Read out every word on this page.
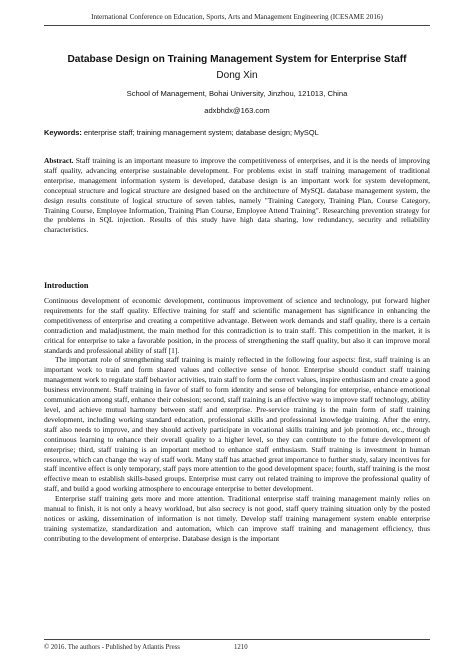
International Conference on Education, Sports, Arts and Management Engineering (ICESAME 2016)
Database Design on Training Management System for Enterprise Staff
Dong Xin
School of Management, Bohai University, Jinzhou, 121013, China
adxbhdx@163.com
Keywords: enterprise staff; training management system; database design; MySQL
Abstract. Staff training is an important measure to improve the competitiveness of enterprises, and it is the needs of improving staff quality, advancing enterprise sustainable development. For problems exist in staff training management of traditional enterprise, management information system is developed, database design is an important work for system development, conceptual structure and logical structure are designed based on the architecture of MySQL database management system, the design results constitute of logical structure of seven tables, namely "Training Category, Training Plan, Course Category, Training Course, Employee Information, Training Plan Course, Employee Attend Training". Researching prevention strategy for the problems in SQL injection. Results of this study have high data sharing, low redundancy, security and reliability characteristics.
Introduction

Continuous development of economic development, continuous improvement of science and technology, put forward higher requirements for the staff quality. Effective training for staff and scientific management has significance in enhancing the competitiveness of enterprise and creating a competitive advantage. Between work demands and staff quality, there is a certain contradiction and maladjustment, the main method for this contradiction is to train staff. This competition in the market, it is critical for enterprise to take a favorable position, in the process of strengthening the staff quality, but also it can improve moral standards and professional ability of staff [1].

The important role of strengthening staff training is mainly reflected in the following four aspects: first, staff training is an important work to train and form shared values and collective sense of honor. Enterprise should conduct staff training management work to regulate staff behavior activities, train staff to form the correct values, inspire enthusiasm and create a good business environment. Staff training in favor of staff to form identity and sense of belonging for enterprise, enhance emotional communication among staff, enhance their cohesion; second, staff training is an effective way to improve staff technology, ability level, and achieve mutual harmony between staff and enterprise. Pre-service training is the main form of staff training development, including working standard education, professional skills and professional knowledge training. After the entry, staff also needs to improve, and they should actively participate in vocational skills training and job promotion, etc., through continuous learning to enhance their overall quality to a higher level, so they can contribute to the future development of enterprise; third, staff training is an important method to enhance staff enthusiasm. Staff training is investment in human resource, which can change the way of staff work. Many staff has attached great importance to further study, salary incentives for staff incentive effect is only temporary, staff pays more attention to the good development space; fourth, staff training is the most effective mean to establish skills-based groups. Enterprise must carry out related training to improve the professional quality of staff, and build a good working atmosphere to encourage enterprise to better development.

Enterprise staff training gets more and more attention. Traditional enterprise staff training management mainly relies on manual to finish, it is not only a heavy workload, but also secrecy is not good, staff query training situation only by the posted notices or asking, dissemination of information is not timely. Develop staff training management system enable enterprise training systematize, standardization and automation, which can improve staff training and management efficiency, thus contributing to the development of enterprise. Database design is the important

© 2016. The authors - Published by Atlantis Press	1210
